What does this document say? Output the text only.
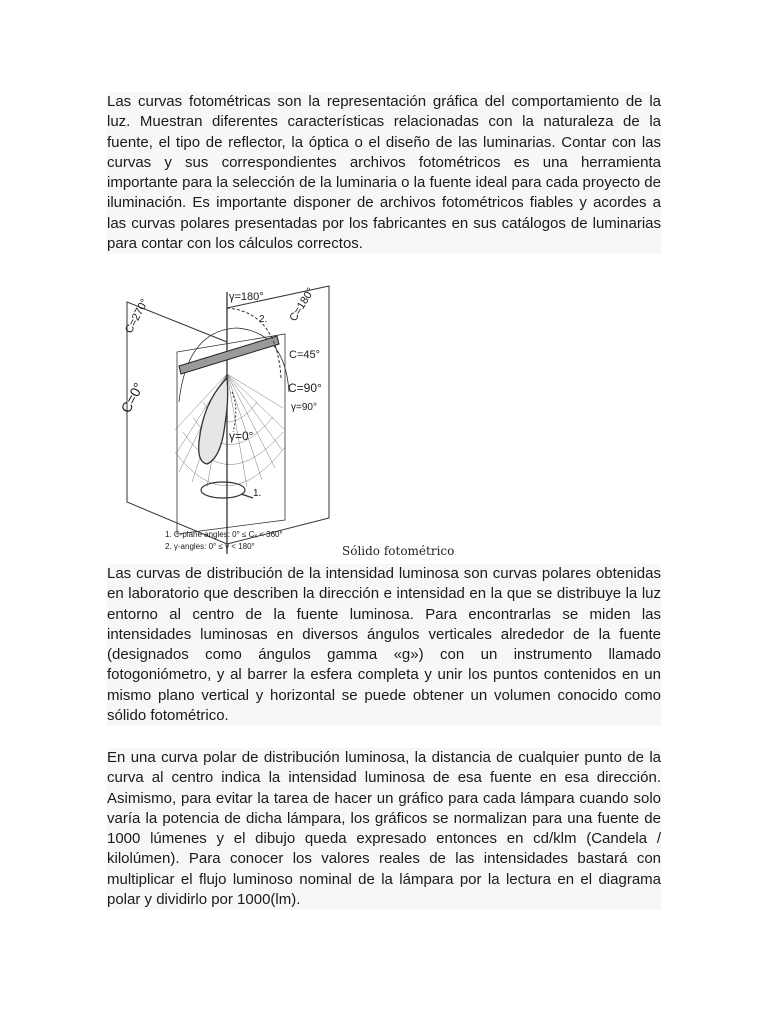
Las curvas fotométricas son la representación gráfica del comportamiento de la luz. Muestran diferentes características relacionadas con la naturaleza de la fuente, el tipo de reflector, la óptica o el diseño de las luminarias. Contar con las curvas y sus correspondientes archivos fotométricos es una herramienta importante para la selección de la luminaria o la fuente ideal para cada proyecto de iluminación. Es importante disponer de archivos fotométricos fiables y acordes a las curvas polares presentadas por los fabricantes en sus catálogos de luminarias para contar con los cálculos correctos.

γ=180°
C=270°	C=180°
C=45°
C=0°	C=90°
γ=90°
γ=0°
2.
1.
1. C-plane angles: 0° ≤ Cₓ < 360°
2. γ-angles: 0° ≤ γ < 180°	Sólido fotométrico

Las curvas de distribución de la intensidad luminosa son curvas polares obtenidas en laboratorio que describen la dirección e intensidad en la que se distribuye la luz entorno al centro de la fuente luminosa. Para encontrarlas se miden las intensidades luminosas en diversos ángulos verticales alrededor de la fuente (designados como ángulos gamma «g») con un instrumento llamado fotogoniómetro, y al barrer la esfera completa y unir los puntos contenidos en un mismo plano vertical y horizontal se puede obtener un volumen conocido como sólido fotométrico.

En una curva polar de distribución luminosa, la distancia de cualquier punto de la curva al centro indica la intensidad luminosa de esa fuente en esa dirección. Asimismo, para evitar la tarea de hacer un gráfico para cada lámpara cuando solo varía la potencia de dicha lámpara, los gráficos se normalizan para una fuente de 1000 lúmenes y el dibujo queda expresado entonces en cd/klm (Candela / kilolúmen). Para conocer los valores reales de las intensidades bastará con multiplicar el flujo luminoso nominal de la lámpara por la lectura en el diagrama polar y dividirlo por 1000(lm).
